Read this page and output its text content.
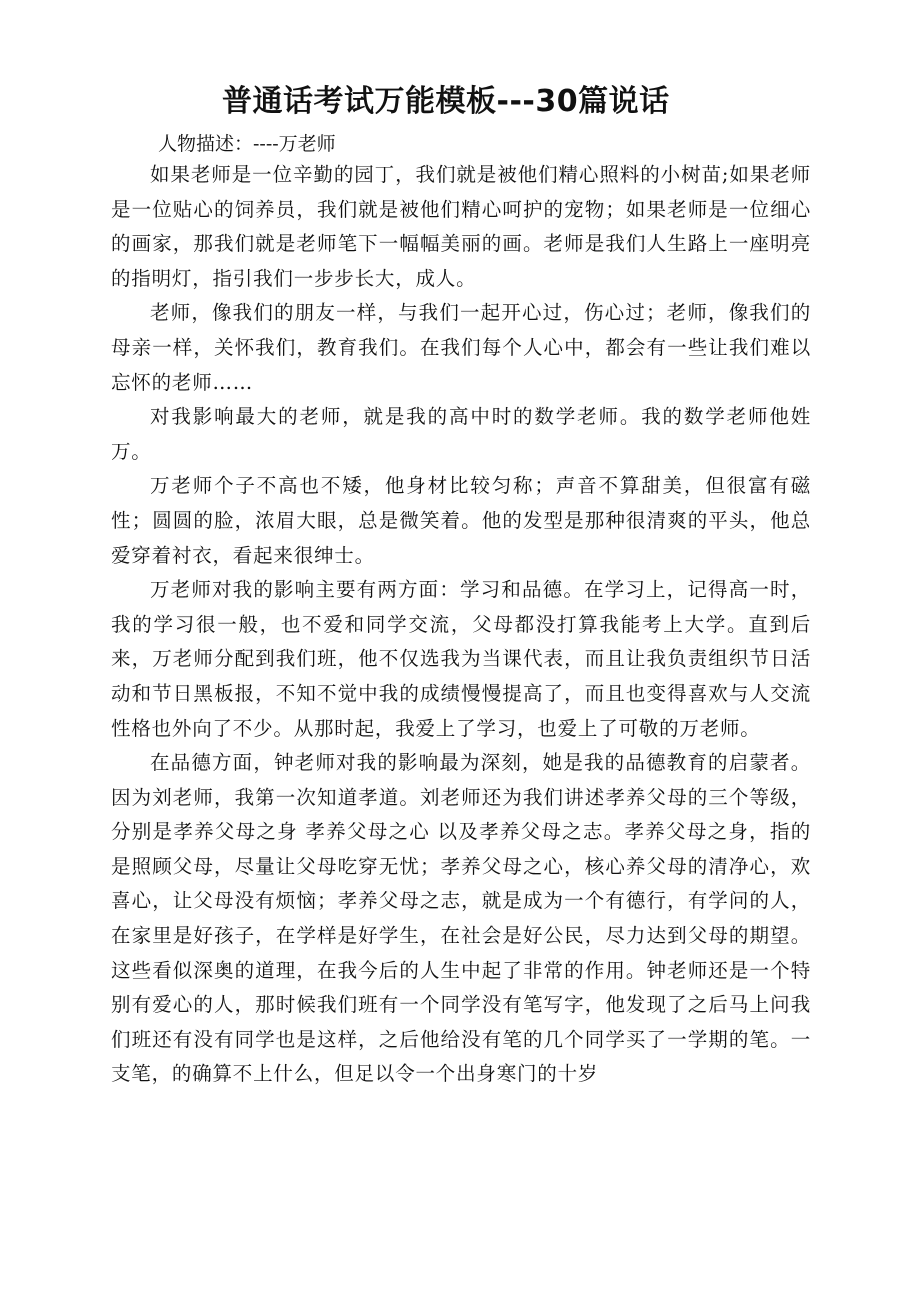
普通话考试万能模板---30篇说话
人物描述：----万老师

如果老师是一位辛勤的园丁，我们就是被他们精心照料的小树苗;如果老师是一位贴心的饲养员，我们就是被他们精心呵护的宠物；如果老师是一位细心的画家，那我们就是老师笔下一幅幅美丽的画。老师是我们人生路上一座明亮的指明灯，指引我们一步步长大，成人。

老师，像我们的朋友一样，与我们一起开心过，伤心过；老师，像我们的母亲一样，关怀我们，教育我们。在我们每个人心中，都会有一些让我们难以忘怀的老师……

对我影响最大的老师，就是我的高中时的数学老师。我的数学老师他姓万。

万老师个子不高也不矮，他身材比较匀称；声音不算甜美，但很富有磁性；圆圆的脸，浓眉大眼，总是微笑着。他的发型是那种很清爽的平头，他总爱穿着衬衣，看起来很绅士。

万老师对我的影响主要有两方面：学习和品德。在学习上，记得高一时，我的学习很一般，也不爱和同学交流，父母都没打算我能考上大学。直到后来，万老师分配到我们班，他不仅选我为当课代表，而且让我负责组织节日活动和节日黑板报，不知不觉中我的成绩慢慢提高了，而且也变得喜欢与人交流性格也外向了不少。从那时起，我爱上了学习，也爱上了可敬的万老师。

在品德方面，钟老师对我的影响最为深刻，她是我的品德教育的启蒙者。因为刘老师，我第一次知道孝道。刘老师还为我们讲述孝养父母的三个等级，分别是孝养父母之身 孝养父母之心 以及孝养父母之志。孝养父母之身，指的是照顾父母，尽量让父母吃穿无忧；孝养父母之心，核心养父母的清净心，欢喜心，让父母没有烦恼；孝养父母之志，就是成为一个有德行，有学问的人，在家里是好孩子，在学样是好学生，在社会是好公民，尽力达到父母的期望。这些看似深奥的道理，在我今后的人生中起了非常的作用。钟老师还是一个特别有爱心的人，那时候我们班有一个同学没有笔写字，他发现了之后马上问我们班还有没有同学也是这样，之后他给没有笔的几个同学买了一学期的笔。一支笔，的确算不上什么，但足以令一个出身寒门的十岁
